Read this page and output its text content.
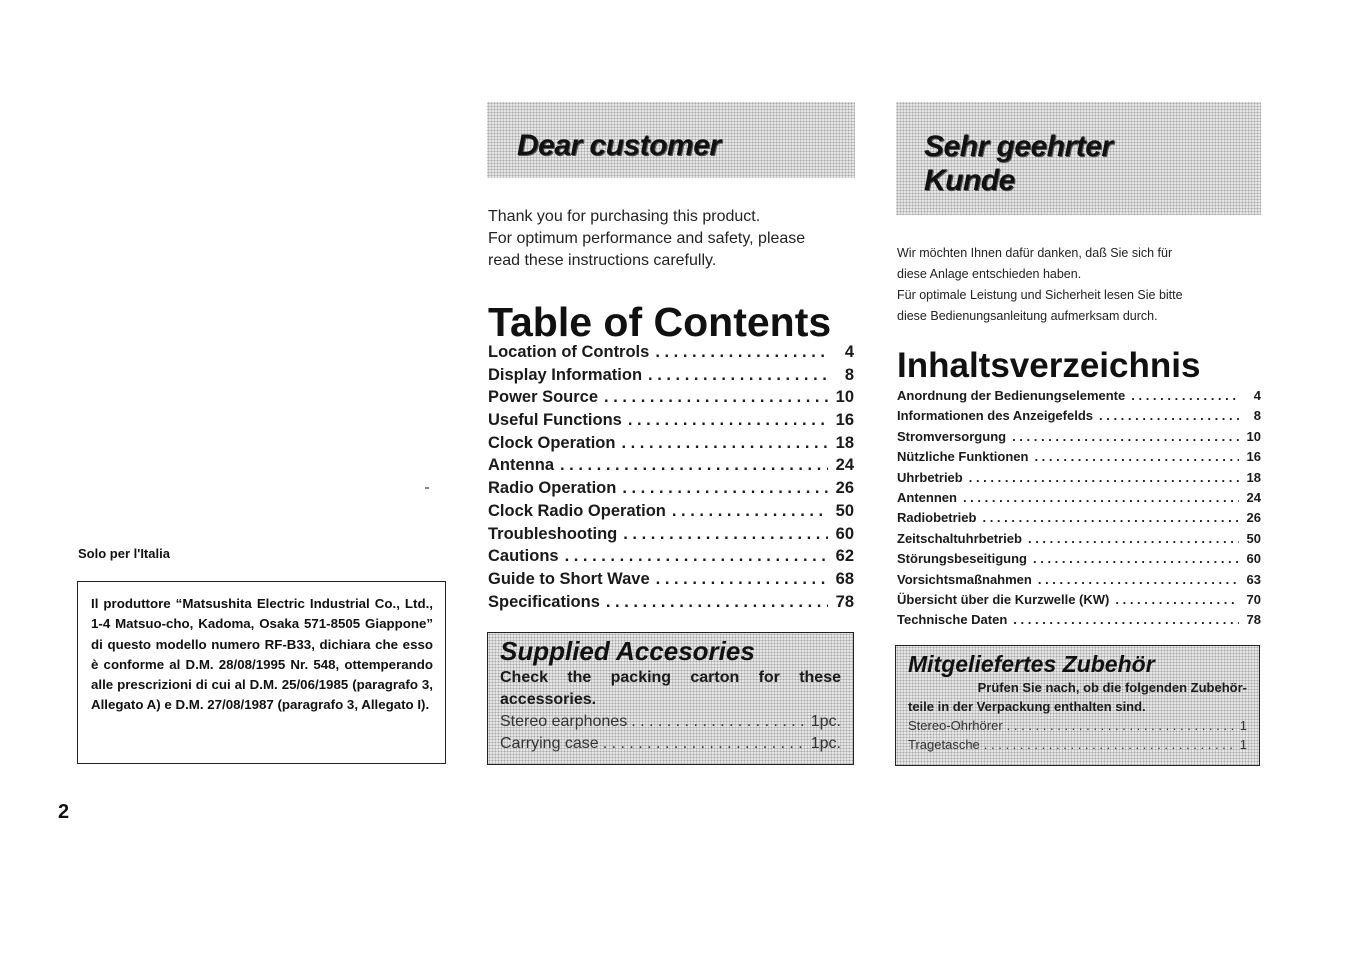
Dear customer
Thank you for purchasing this product.
For optimum performance and safety, please
read these instructions carefully.
Table of Contents
Location of Controls . . .	4
Display Information . . .	8
Power Source . . .	10
Useful Functions . . .	16
Clock Operation . . .	18
Antenna . . .	24
Radio Operation . . .	26
Clock Radio Operation . . .	50
Troubleshooting . . .	60
Cautions . . .	62
Guide to Short Wave . . .	68
Specifications . . .	78
Supplied Accesories
Check the packing carton for these
accessories.
Stereo earphones . . .	1pc.
Carrying case . . .	1pc.
Sehr geehrter
Kunde
Wir möchten Ihnen dafür danken, daß Sie sich für
diese Anlage entschieden haben.
Für optimale Leistung und Sicherheit lesen Sie bitte
diese Bedienungsanleitung aufmerksam durch.
Inhaltsverzeichnis
Anordnung der Bedienungselemente . . .	4
Informationen des Anzeigefelds . . .	8
Stromversorgung . . .	10
Nützliche Funktionen . . .	16
Uhrbetrieb . . .	18
Antennen . . .	24
Radiobetrieb . . .	26
Zeitschaltuhrbetrieb . . .	50
Störungsbeseitigung . . .	60
Vorsichtsmaßnahmen . . .	63
Übersicht über die Kurzwelle (KW) . . .	70
Technische Daten . . .	78
Mitgeliefertes Zubehör
Prüfen Sie nach, ob die folgenden Zubehör-
teile in der Verpackung enthalten sind.
Stereo-Ohrhörer . . .	1
Tragetasche . . .	1
Solo per l'Italia
Il produttore “Matsushita Electric Industrial Co., Ltd., 1-4 Matsuo-cho, Kadoma, Osaka 571-8505 Giappone” di questo modello numero RF-B33, dichiara che esso è conforme al D.M. 28/08/1995 Nr. 548, ottemperando alle prescrizioni di cui al D.M. 25/06/1985 (paragrafo 3, Allegato A) e D.M. 27/08/1987 (paragrafo 3, Allegato I).
2
